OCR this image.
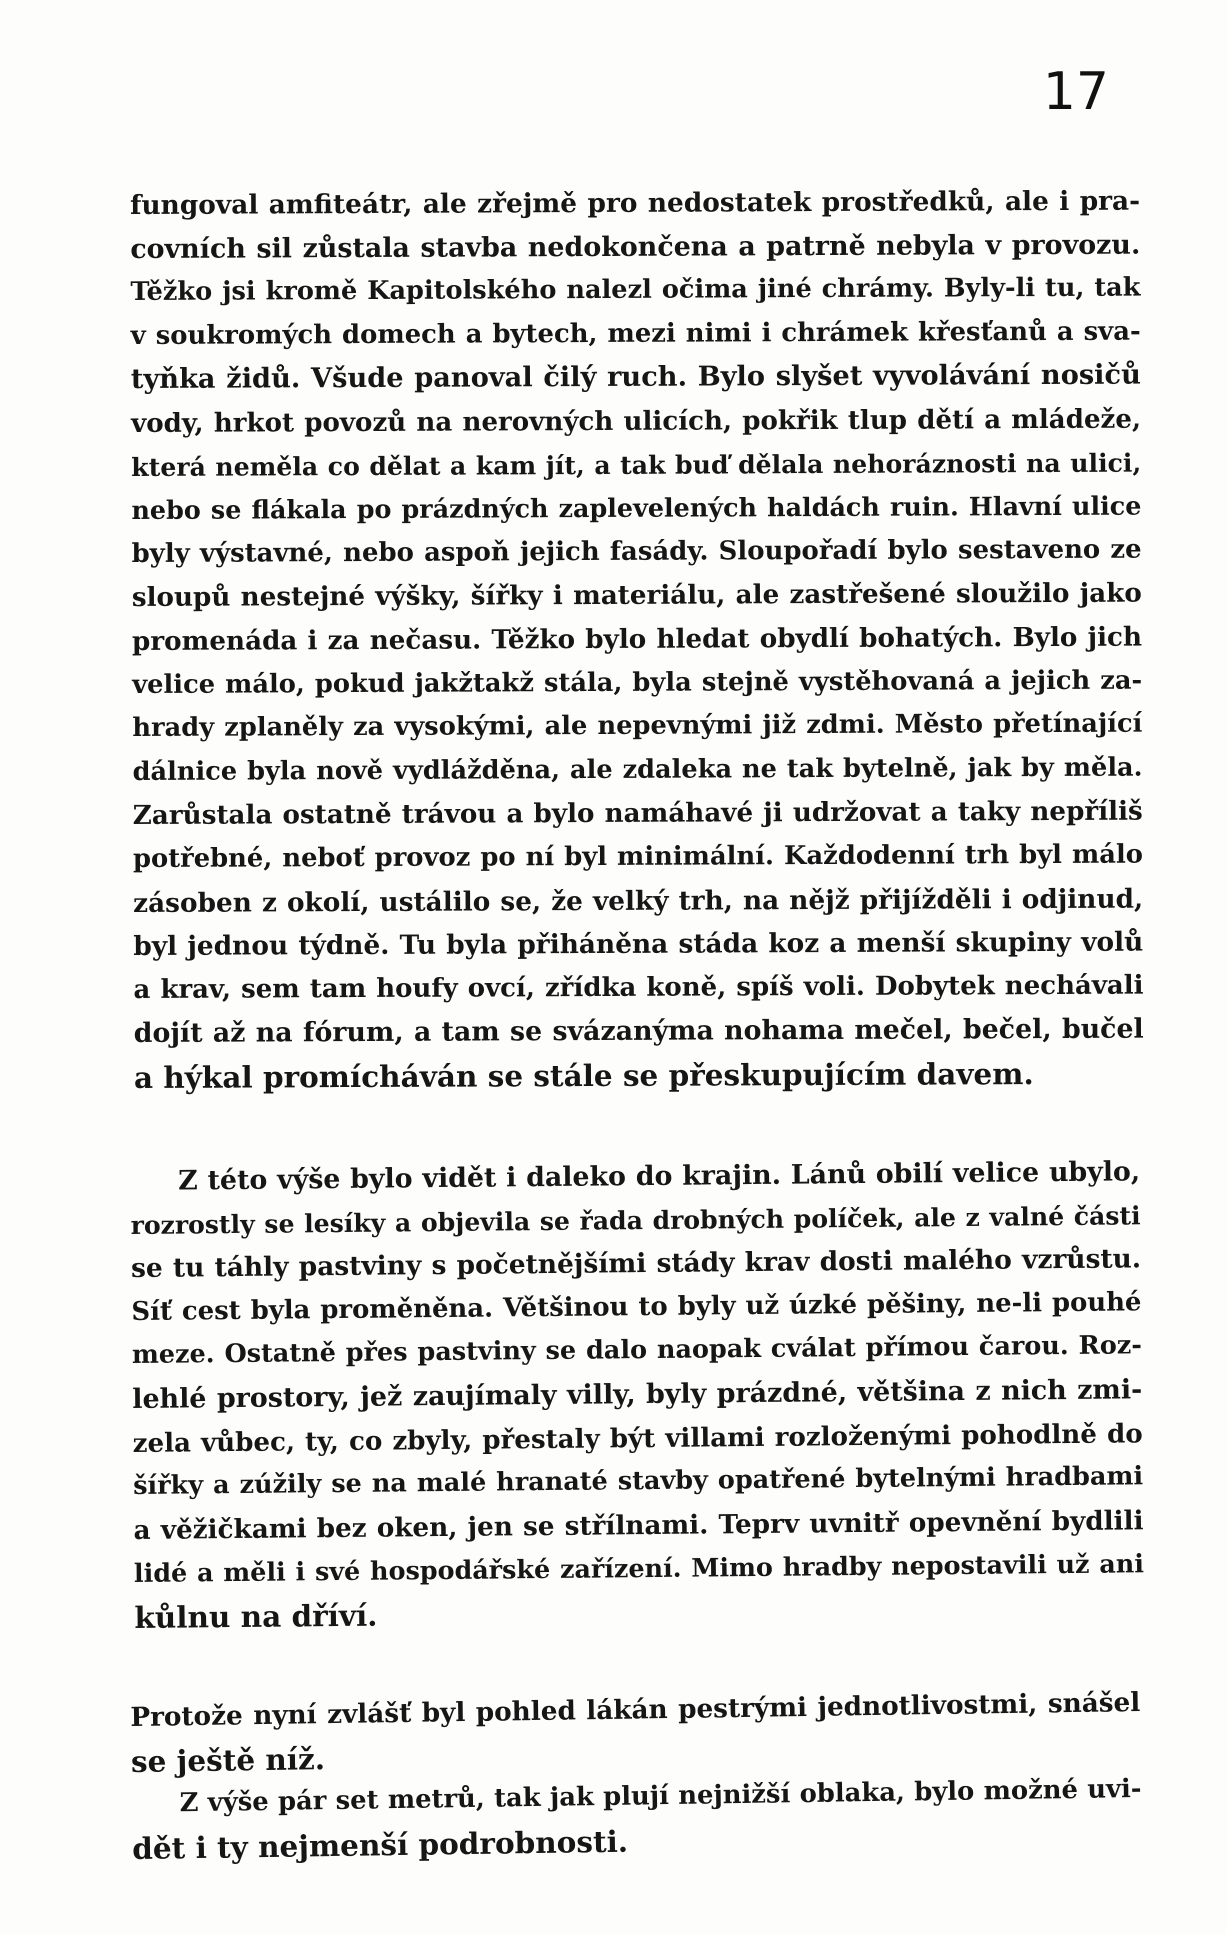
17
fungoval amfiteátr, ale zřejmě pro nedostatek prostředků, ale i pra-
covních sil zůstala stavba nedokončena a patrně nebyla v provozu.
Těžko jsi kromě Kapitolského nalezl očima jiné chrámy. Byly-li tu, tak
v soukromých domech a bytech, mezi nimi i chrámek křesťanů a sva-
tyňka židů. Všude panoval čilý ruch. Bylo slyšet vyvolávání nosičů
vody, hrkot povozů na nerovných ulicích, pokřik tlup dětí a mládeže,
která neměla co dělat a kam jít, a tak buď dělala nehoráznosti na ulici,
nebo se flákala po prázdných zaplevelených haldách ruin. Hlavní ulice
byly výstavné, nebo aspoň jejich fasády. Sloupořadí bylo sestaveno ze
sloupů nestejné výšky, šířky i materiálu, ale zastřešené sloužilo jako
promenáda i za nečasu. Těžko bylo hledat obydlí bohatých. Bylo jich
velice málo, pokud jakžtakž stála, byla stejně vystěhovaná a jejich za-
hrady zplaněly za vysokými, ale nepevnými již zdmi. Město přetínající
dálnice byla nově vydlážděna, ale zdaleka ne tak bytelně, jak by měla.
Zarůstala ostatně trávou a bylo namáhavé ji udržovat a taky nepříliš
potřebné, neboť provoz po ní byl minimální. Každodenní trh byl málo
zásoben z okolí, ustálilo se, že velký trh, na nějž přijížděli i odjinud,
byl jednou týdně. Tu byla přiháněna stáda koz a menší skupiny volů
a krav, sem tam houfy ovcí, zřídka koně, spíš voli. Dobytek nechávali
dojít až na fórum, a tam se svázanýma nohama mečel, bečel, bučel
a hýkal promícháván se stále se přeskupujícím davem.
Z této výše bylo vidět i daleko do krajin. Lánů obilí velice ubylo,
rozrostly se lesíky a objevila se řada drobných políček, ale z valné části
se tu táhly pastviny s početnějšími stády krav dosti malého vzrůstu.
Síť cest byla proměněna. Většinou to byly už úzké pěšiny, ne-li pouhé
meze. Ostatně přes pastviny se dalo naopak cválat přímou čarou. Roz-
lehlé prostory, jež zaujímaly villy, byly prázdné, většina z nich zmi-
zela vůbec, ty, co zbyly, přestaly být villami rozloženými pohodlně do
šířky a zúžily se na malé hranaté stavby opatřené bytelnými hradbami
a věžičkami bez oken, jen se střílnami. Teprv uvnitř opevnění bydlili
lidé a měli i své hospodářské zařízení. Mimo hradby nepostavili už ani
kůlnu na dříví.
Protože nyní zvlášť byl pohled lákán pestrými jednotlivostmi, snášel
se ještě níž.
Z výše pár set metrů, tak jak plují nejnižší oblaka, bylo možné uvi-
dět i ty nejmenší podrobnosti.
